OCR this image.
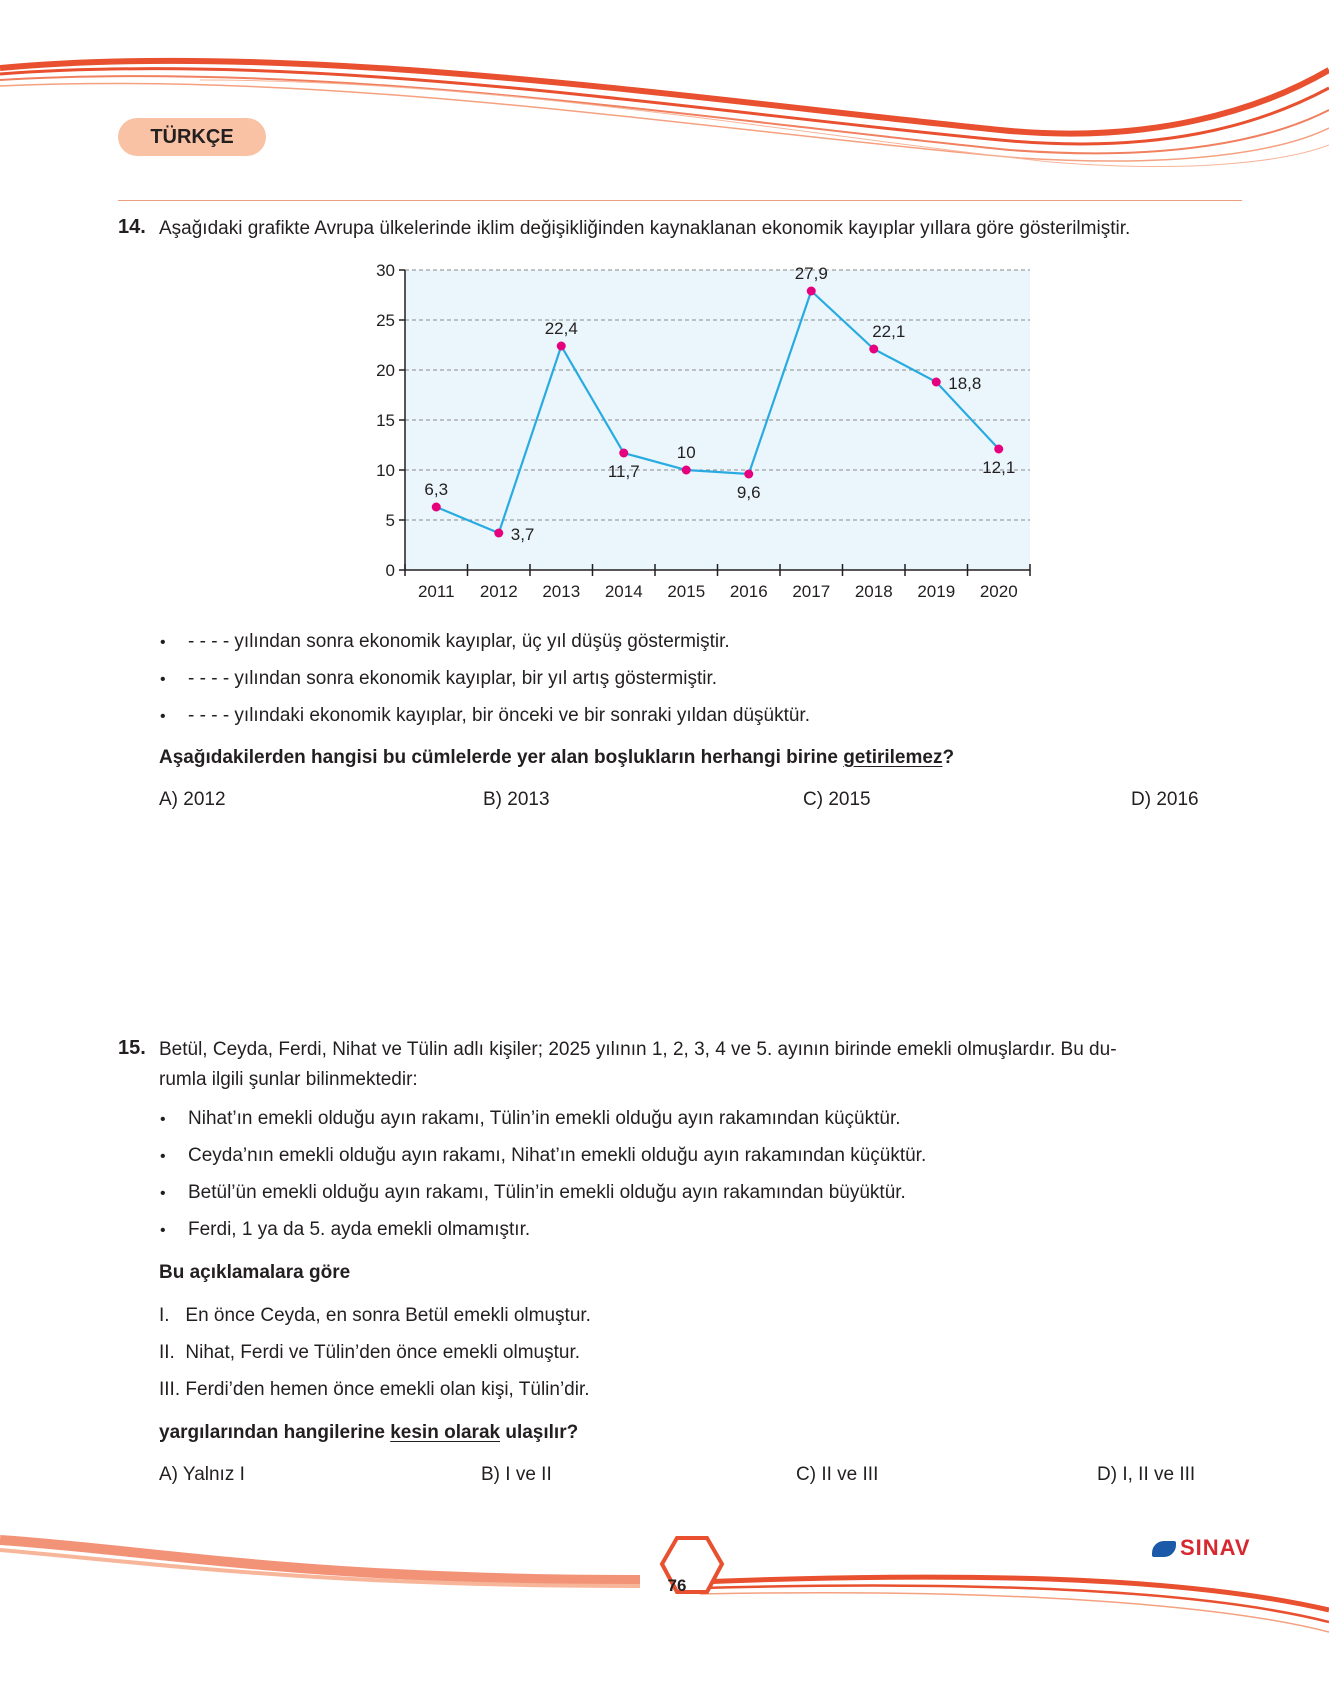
TÜRKÇE
14. Aşağıdaki grafikte Avrupa ülkelerinde iklim değişikliğinden kaynaklanan ekonomik kayıplar yıllara göre gösterilmiştir.
0
5
10
15
20
25
30
2011 2012 2013 2014 2015 2016 2017 2018 2019 2020
6,3
3,7
22,4
11,7
10
9,6
27,9
22,1
18,8
12,1
• - - - - yılından sonra ekonomik kayıplar, üç yıl düşüş göstermiştir.
• - - - - yılından sonra ekonomik kayıplar, bir yıl artış göstermiştir.
• - - - - yılındaki ekonomik kayıplar, bir önceki ve bir sonraki yıldan düşüktür.
Aşağıdakilerden hangisi bu cümlelerde yer alan boşlukların herhangi birine getirilemez?
A) 2012	B) 2013	C) 2015	D) 2016
15. Betül, Ceyda, Ferdi, Nihat ve Tülin adlı kişiler; 2025 yılının 1, 2, 3, 4 ve 5. ayının birinde emekli olmuşlardır. Bu du-
rumla ilgili şunlar bilinmektedir:
• Nihat’ın emekli olduğu ayın rakamı, Tülin’in emekli olduğu ayın rakamından küçüktür.
• Ceyda’nın emekli olduğu ayın rakamı, Nihat’ın emekli olduğu ayın rakamından küçüktür.
• Betül’ün emekli olduğu ayın rakamı, Tülin’in emekli olduğu ayın rakamından büyüktür.
• Ferdi, 1 ya da 5. ayda emekli olmamıştır.
Bu açıklamalara göre
I.   En önce Ceyda, en sonra Betül emekli olmuştur.
II.  Nihat, Ferdi ve Tülin’den önce emekli olmuştur.
III. Ferdi’den hemen önce emekli olan kişi, Tülin’dir.
yargılarından hangilerine kesin olarak ulaşılır?
A) Yalnız I	B) I ve II	C) II ve III	D) I, II ve III
SINAV
76
